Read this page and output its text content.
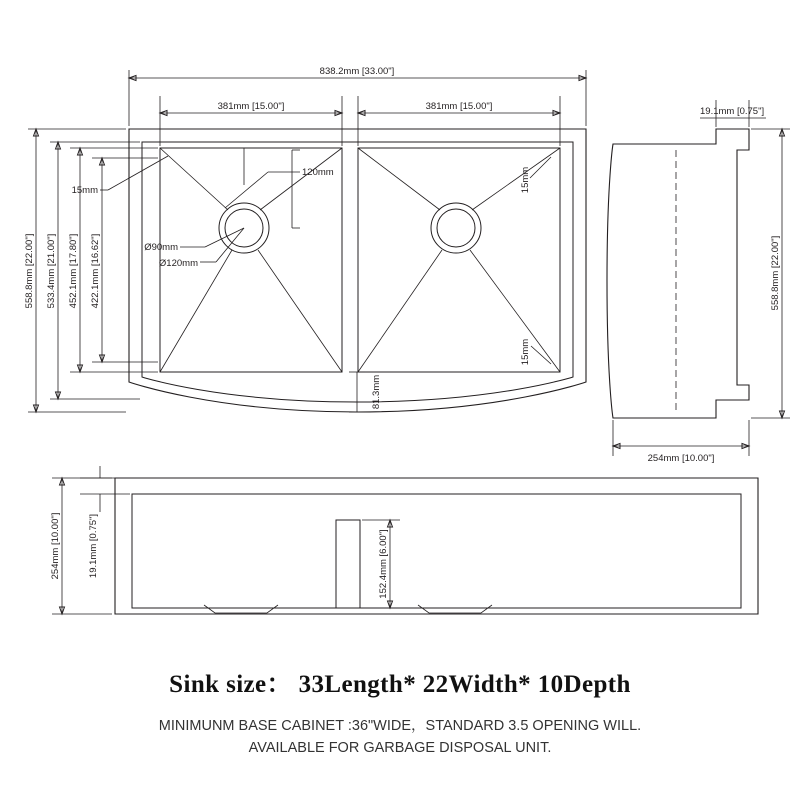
838.2mm [33.00"]
381mm [15.00"]	381mm [15.00"]
558.8mm [22.00"] 533.4mm [21.00"] 452.1mm [17.80"] 422.1mm [16.62"]
120mm
Ø90mm
Ø120mm
15mm	15mm
15mm
81.3mm
19.1mm [0.75"]
558.8mm [22.00"]
254mm [10.00"]
254mm [10.00"]	19.1mm [0.75"]	152.4mm [6.00"]

Sink size： 33Length* 22Width* 10Depth

MINIMUNM BASE CABINET :36"WIDE，STANDARD 3.5 OPENING WILL.

AVAILABLE FOR GARBAGE DISPOSAL UNIT.
